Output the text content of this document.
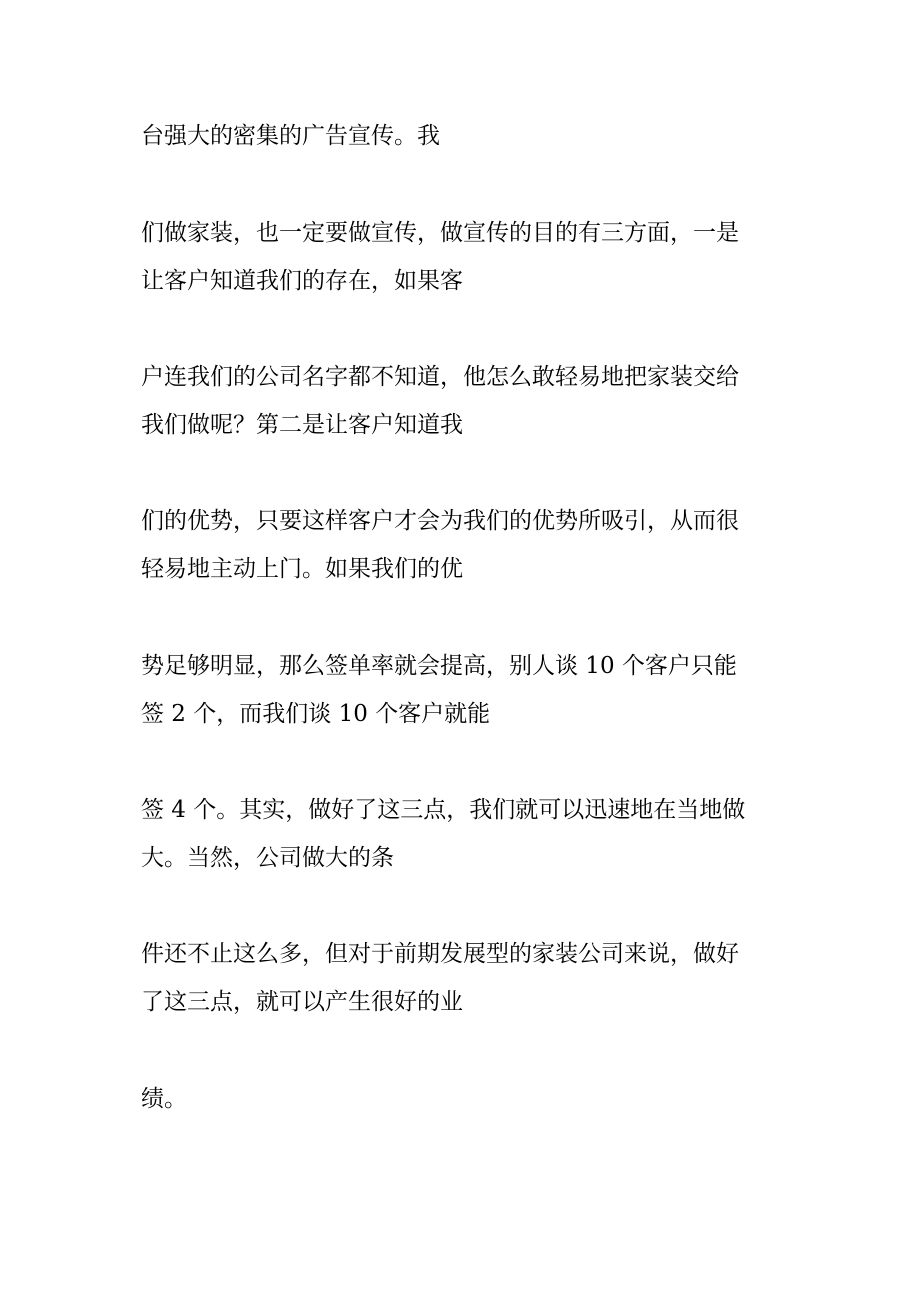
台强大的密集的广告宣传。我
们做家装，也一定要做宣传，做宣传的目的有三方面，一是
让客户知道我们的存在，如果客
户连我们的公司名字都不知道，他怎么敢轻易地把家装交给
我们做呢？第二是让客户知道我
们的优势，只要这样客户才会为我们的优势所吸引，从而很
轻易地主动上门。如果我们的优
势足够明显，那么签单率就会提高，别人谈 10 个客户只能
签 2 个，而我们谈 10 个客户就能
签 4 个。其实，做好了这三点，我们就可以迅速地在当地做
大。当然，公司做大的条
件还不止这么多，但对于前期发展型的家装公司来说，做好
了这三点，就可以产生很好的业
绩。
